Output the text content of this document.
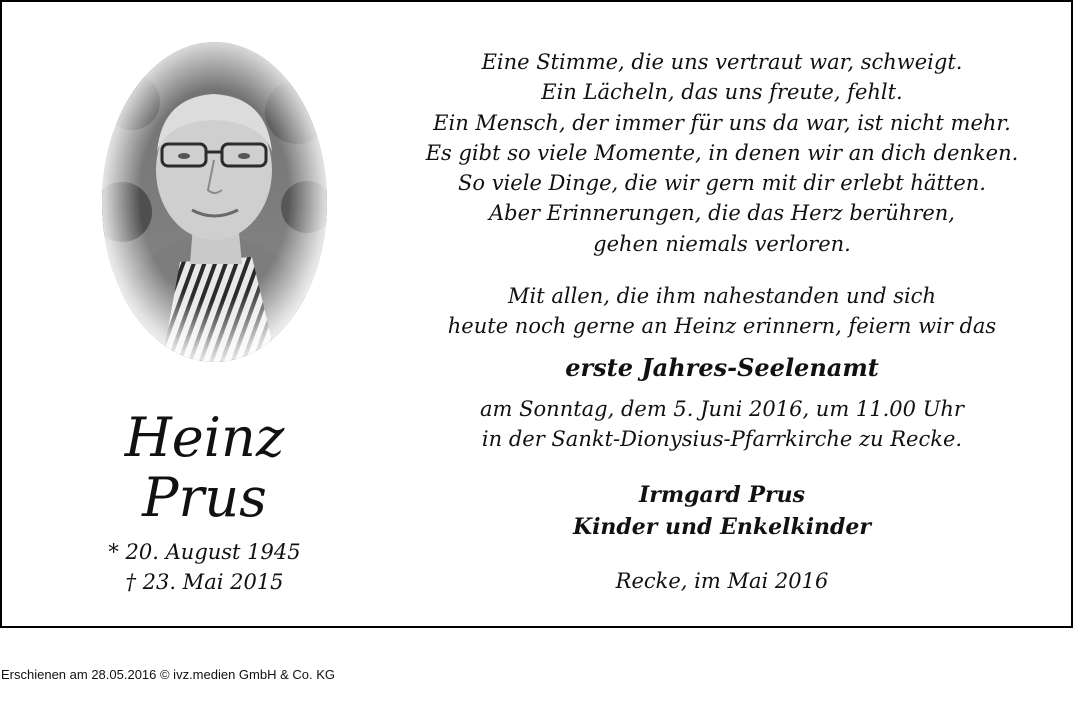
Heinz
Prus
* 20. August 1945
† 23. Mai 2015
Eine Stimme, die uns vertraut war, schweigt.
Ein Lächeln, das uns freute, fehlt.
Ein Mensch, der immer für uns da war, ist nicht mehr.
Es gibt so viele Momente, in denen wir an dich denken.
So viele Dinge, die wir gern mit dir erlebt hätten.
Aber Erinnerungen, die das Herz berühren,
gehen niemals verloren.
Mit allen, die ihm nahestanden und sich
heute noch gerne an Heinz erinnern, feiern wir das
erste Jahres-Seelenamt
am Sonntag, dem 5. Juni 2016, um 11.00 Uhr
in der Sankt-Dionysius-Pfarrkirche zu Recke.
Irmgard Prus
Kinder und Enkelkinder
Recke, im Mai 2016
Erschienen am 28.05.2016 © ivz.medien GmbH & Co. KG
